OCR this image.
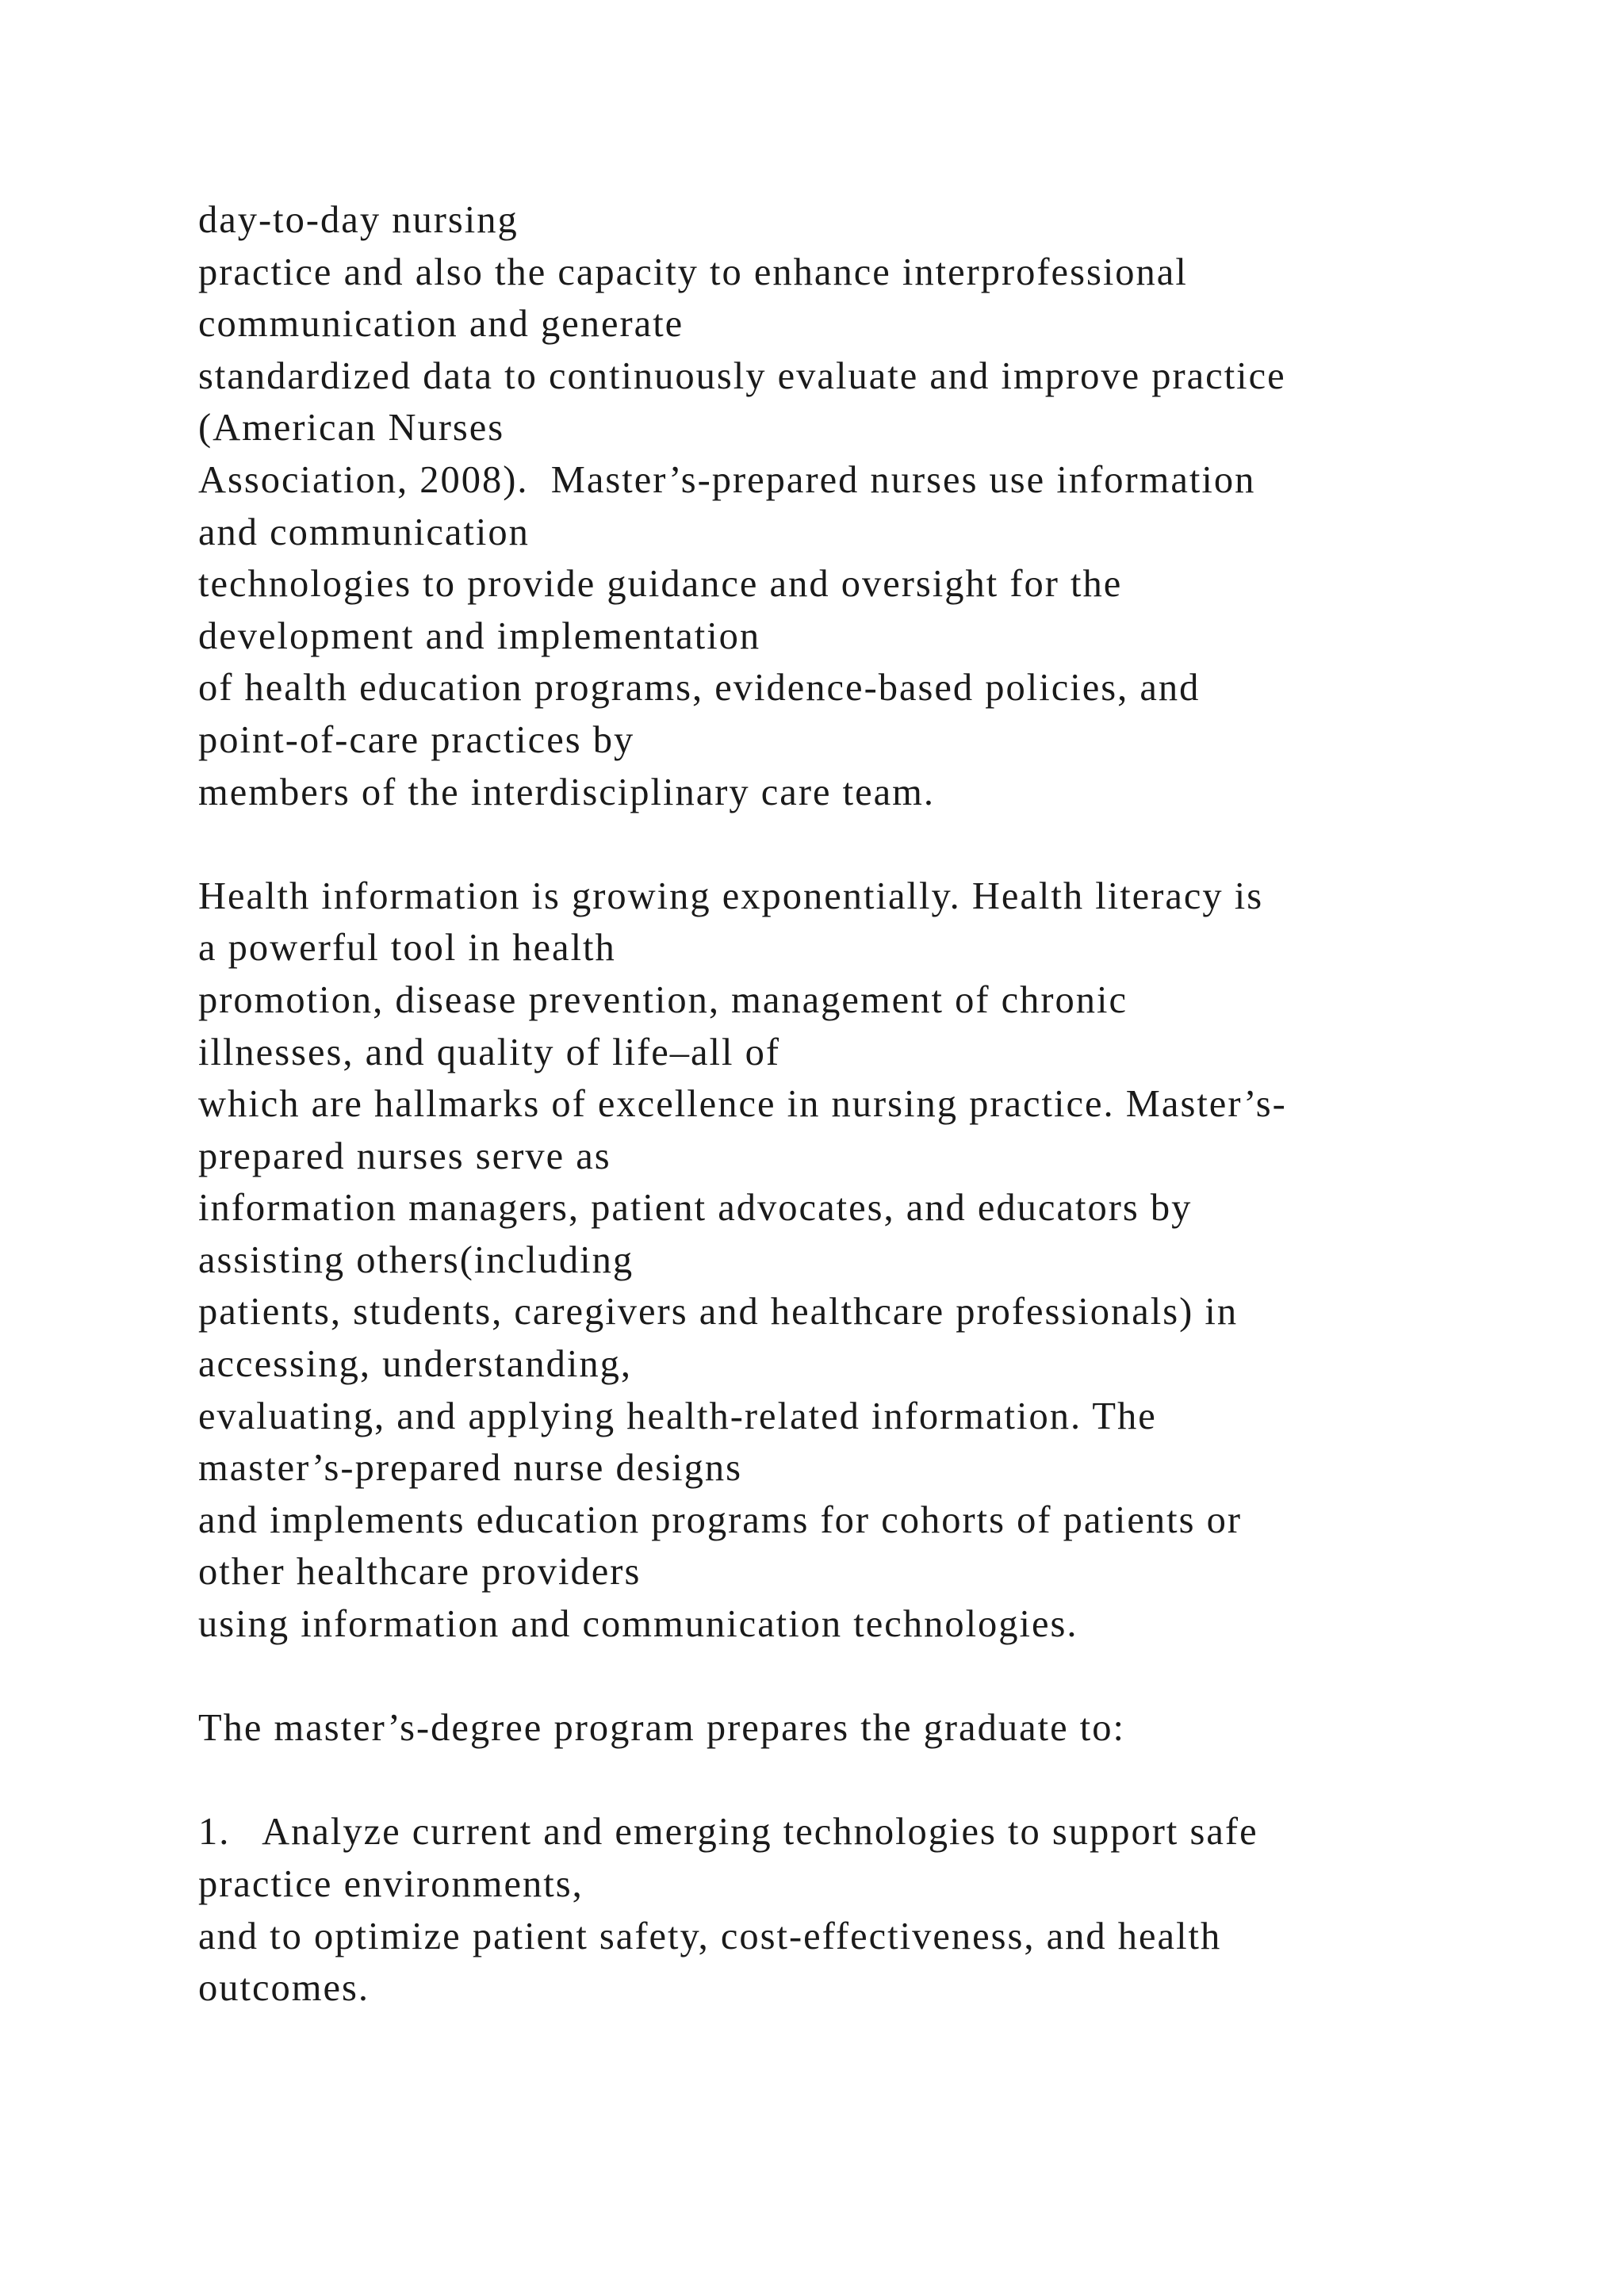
day-to-day nursing
practice and also the capacity to enhance interprofessional
communication and generate
standardized data to continuously evaluate and improve practice
(American Nurses
Association, 2008).  Master’s-prepared nurses use information
and communication
technologies to provide guidance and oversight for the
development and implementation
of health education programs, evidence-based policies, and
point-of-care practices by
members of the interdisciplinary care team.
Health information is growing exponentially. Health literacy is
a powerful tool in health
promotion, disease prevention, management of chronic
illnesses, and quality of life–all of
which are hallmarks of excellence in nursing practice. Master’s-
prepared nurses serve as
information managers, patient advocates, and educators by
assisting others(including
patients, students, caregivers and healthcare professionals) in
accessing, understanding,
evaluating, and applying health-related information. The
master’s-prepared nurse designs
and implements education programs for cohorts of patients or
other healthcare providers
using information and communication technologies.
The master’s-degree program prepares the graduate to:
1.   Analyze current and emerging technologies to support safe
practice environments,
and to optimize patient safety, cost-effectiveness, and health
outcomes.
